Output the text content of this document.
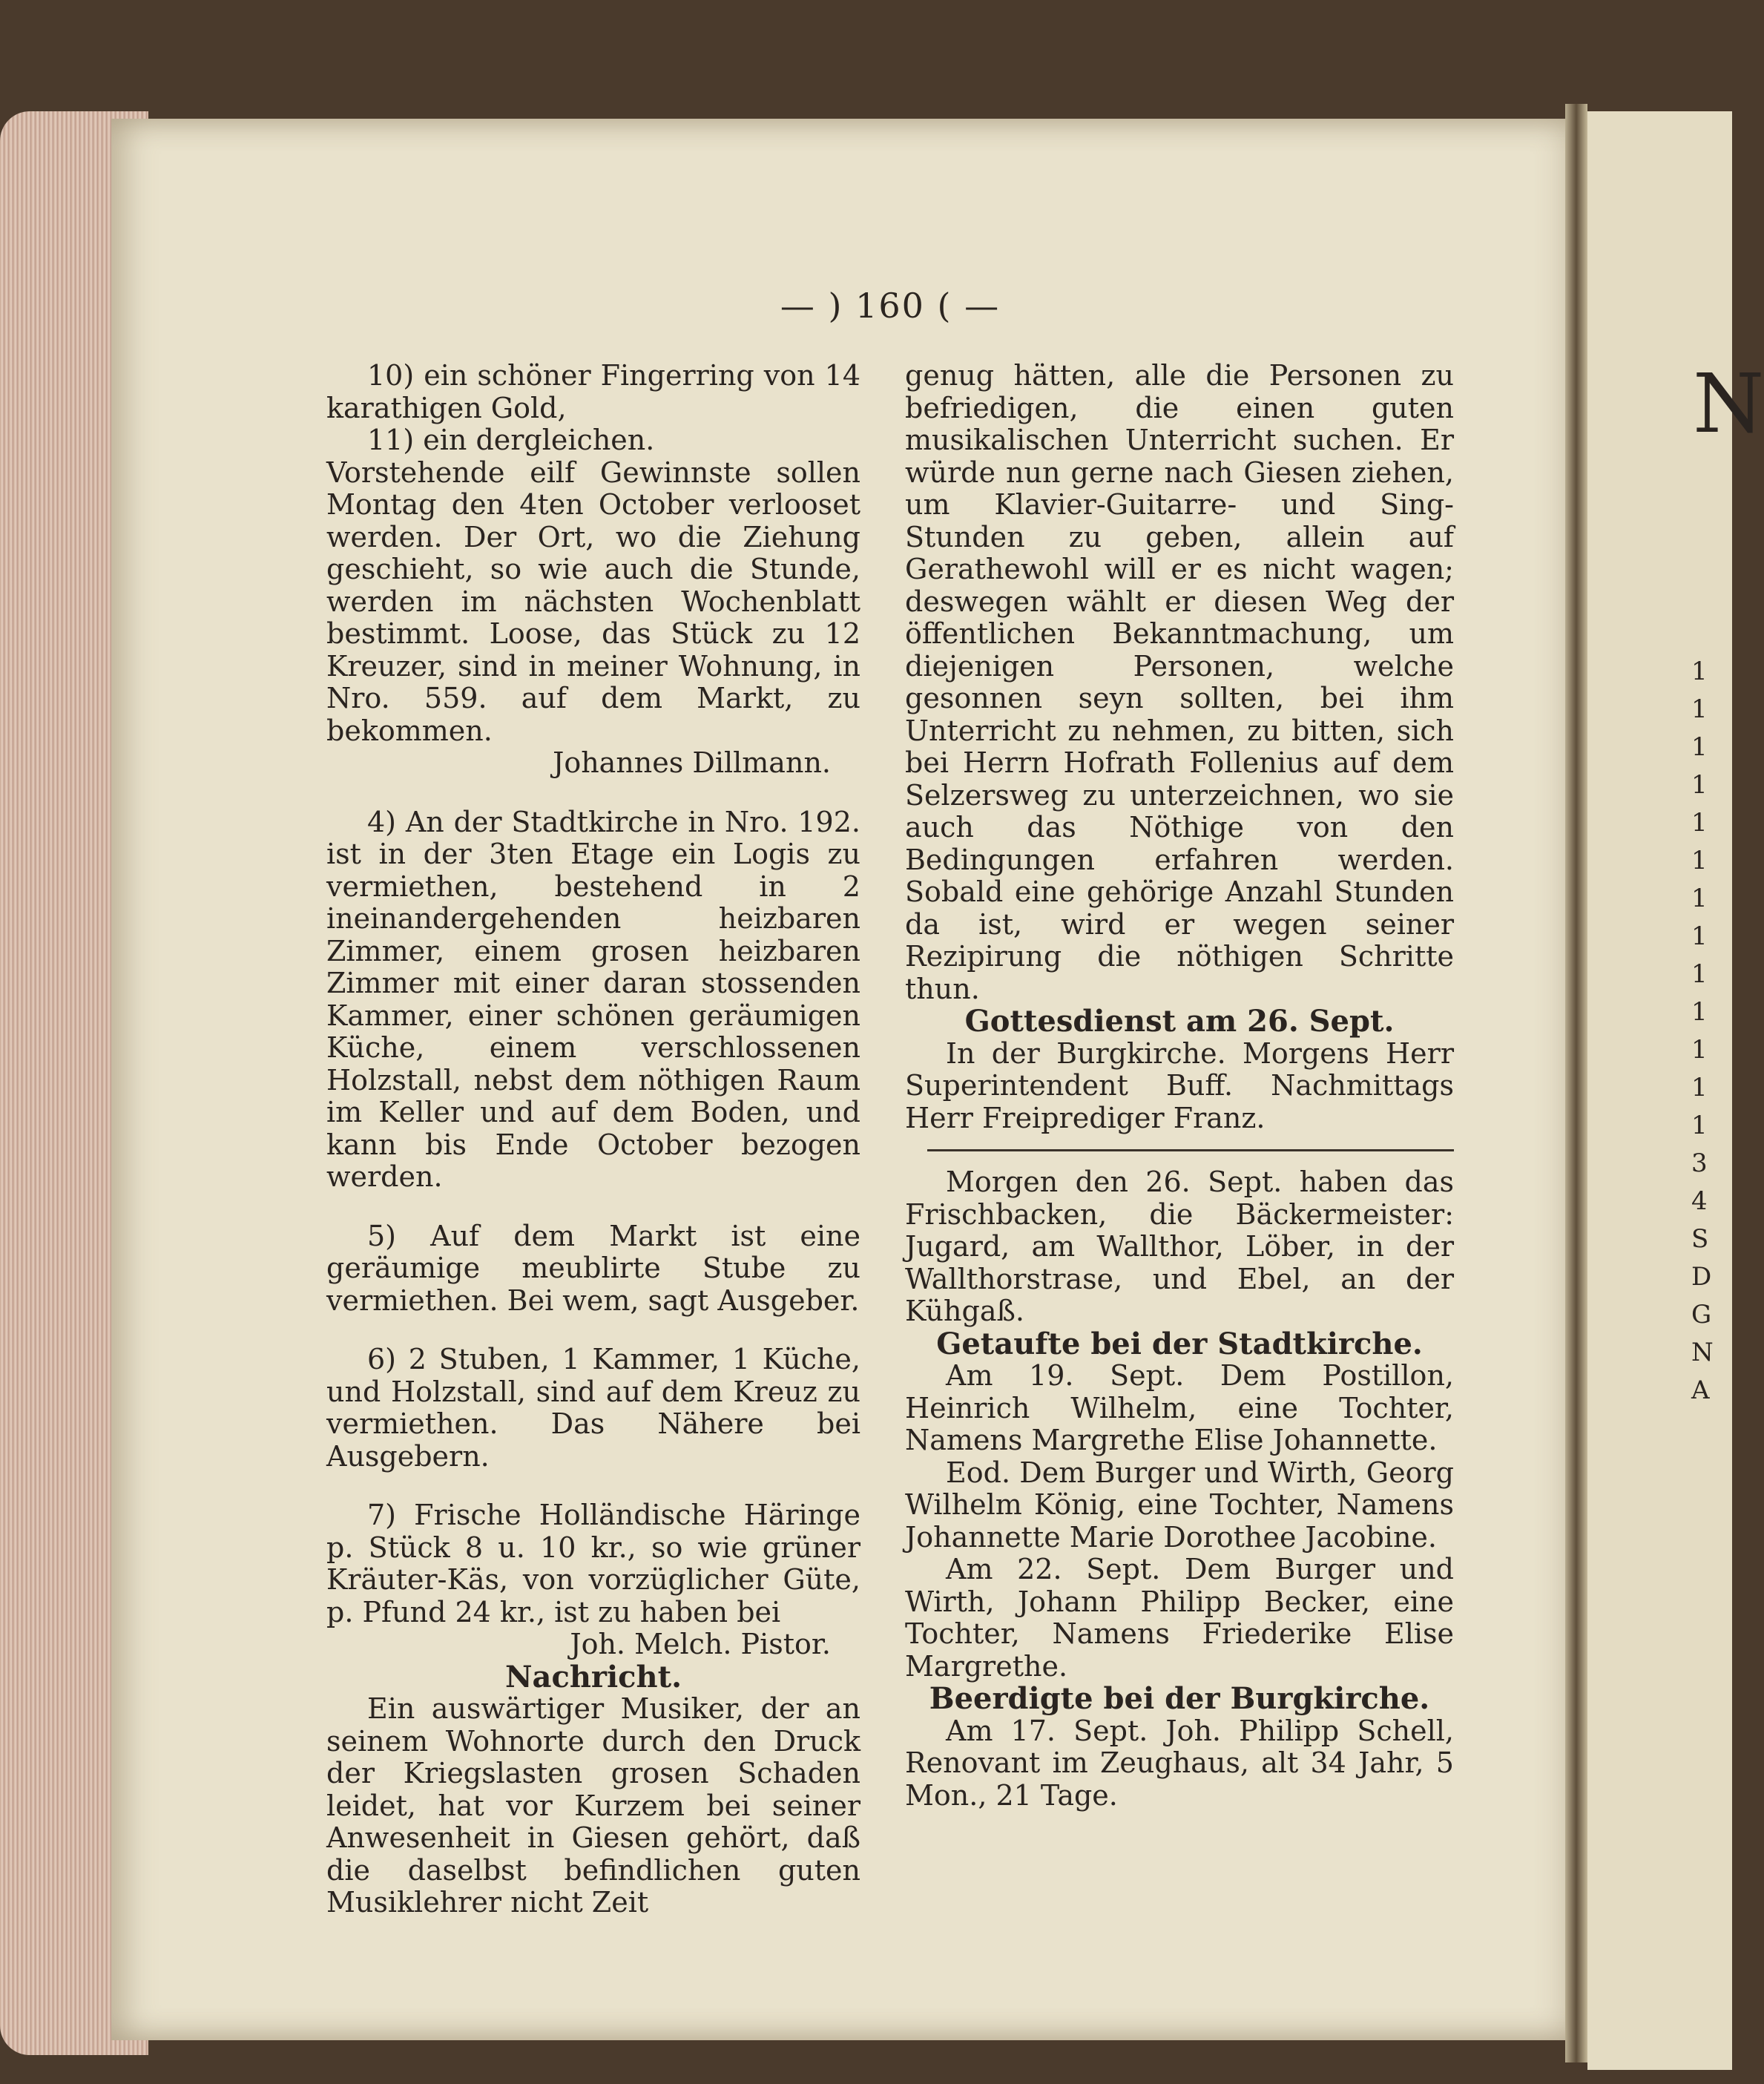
— ) 160 ( —

10) ein schöner Fingerring von 14 karathigen Gold,

11) ein dergleichen.

Vorstehende eilf Gewinnste sollen Montag den 4ten October verlooset werden. Der Ort, wo die Ziehung geschieht, so wie auch die Stunde, werden im nächsten Wochenblatt bestimmt. Loose, das Stück zu 12 Kreuzer, sind in meiner Wohnung, in Nro. 559. auf dem Markt, zu bekommen.

Johannes Dillmann.

4) An der Stadtkirche in Nro. 192. ist in der 3ten Etage ein Logis zu vermiethen, bestehend in 2 ineinandergehenden heizbaren Zimmer, einem grosen heizbaren Zimmer mit einer daran stossenden Kammer, einer schönen geräumigen Küche, einem verschlossenen Holzstall, nebst dem nöthigen Raum im Keller und auf dem Boden, und kann bis Ende October bezogen werden.

5) Auf dem Markt ist eine geräumige meublirte Stube zu vermiethen. Bei wem, sagt Ausgeber.

6) 2 Stuben, 1 Kammer, 1 Küche, und Holzstall, sind auf dem Kreuz zu vermiethen. Das Nähere bei Ausgebern.

7) Frische Holländische Häringe p. Stück 8 u. 10 kr., so wie grüner Kräuter-Käs, von vorzüglicher Güte, p. Pfund 24 kr., ist zu haben bei

Joh. Melch. Pistor.

Nachricht.

Ein auswärtiger Musiker, der an seinem Wohnorte durch den Druck der Kriegslasten grosen Schaden leidet, hat vor Kurzem bei seiner Anwesenheit in Giesen gehört, daß die daselbst befindlichen guten Musiklehrer nicht Zeit

genug hätten, alle die Personen zu befriedigen, die einen guten musikalischen Unterricht suchen. Er würde nun gerne nach Giesen ziehen, um Klavier-Guitarre- und Sing-Stunden zu geben, allein auf Gerathewohl will er es nicht wagen; deswegen wählt er diesen Weg der öffentlichen Bekanntmachung, um diejenigen Personen, welche gesonnen seyn sollten, bei ihm Unterricht zu nehmen, zu bitten, sich bei Herrn Hofrath Follenius auf dem Selzersweg zu unterzeichnen, wo sie auch das Nöthige von den Bedingungen erfahren werden. Sobald eine gehörige Anzahl Stunden da ist, wird er wegen seiner Rezipirung die nöthigen Schritte thun.

Gottesdienst am 26. Sept.

In der Burgkirche. Morgens Herr Superintendent Buff. Nachmittags Herr Freiprediger Franz.

Morgen den 26. Sept. haben das Frischbacken, die Bäckermeister: Jugard, am Wallthor, Löber, in der Wallthorstrase, und Ebel, an der Kühgaß.

Getaufte bei der Stadtkirche.

Am 19. Sept. Dem Postillon, Heinrich Wilhelm, eine Tochter, Namens Margrethe Elise Johannette.

Eod. Dem Burger und Wirth, Georg Wilhelm König, eine Tochter, Namens Johannette Marie Dorothee Jacobine.

Am 22. Sept. Dem Burger und Wirth, Johann Philipp Becker, eine Tochter, Namens Friederike Elise Margrethe.

Beerdigte bei der Burgkirche.

Am 17. Sept. Joh. Philipp Schell, Renovant im Zeughaus, alt 34 Jahr, 5 Mon., 21 Tage.

N
1
1
1
1
1
1
1
1
1
1
1
1
1
3
4
S
D
G
N
A
